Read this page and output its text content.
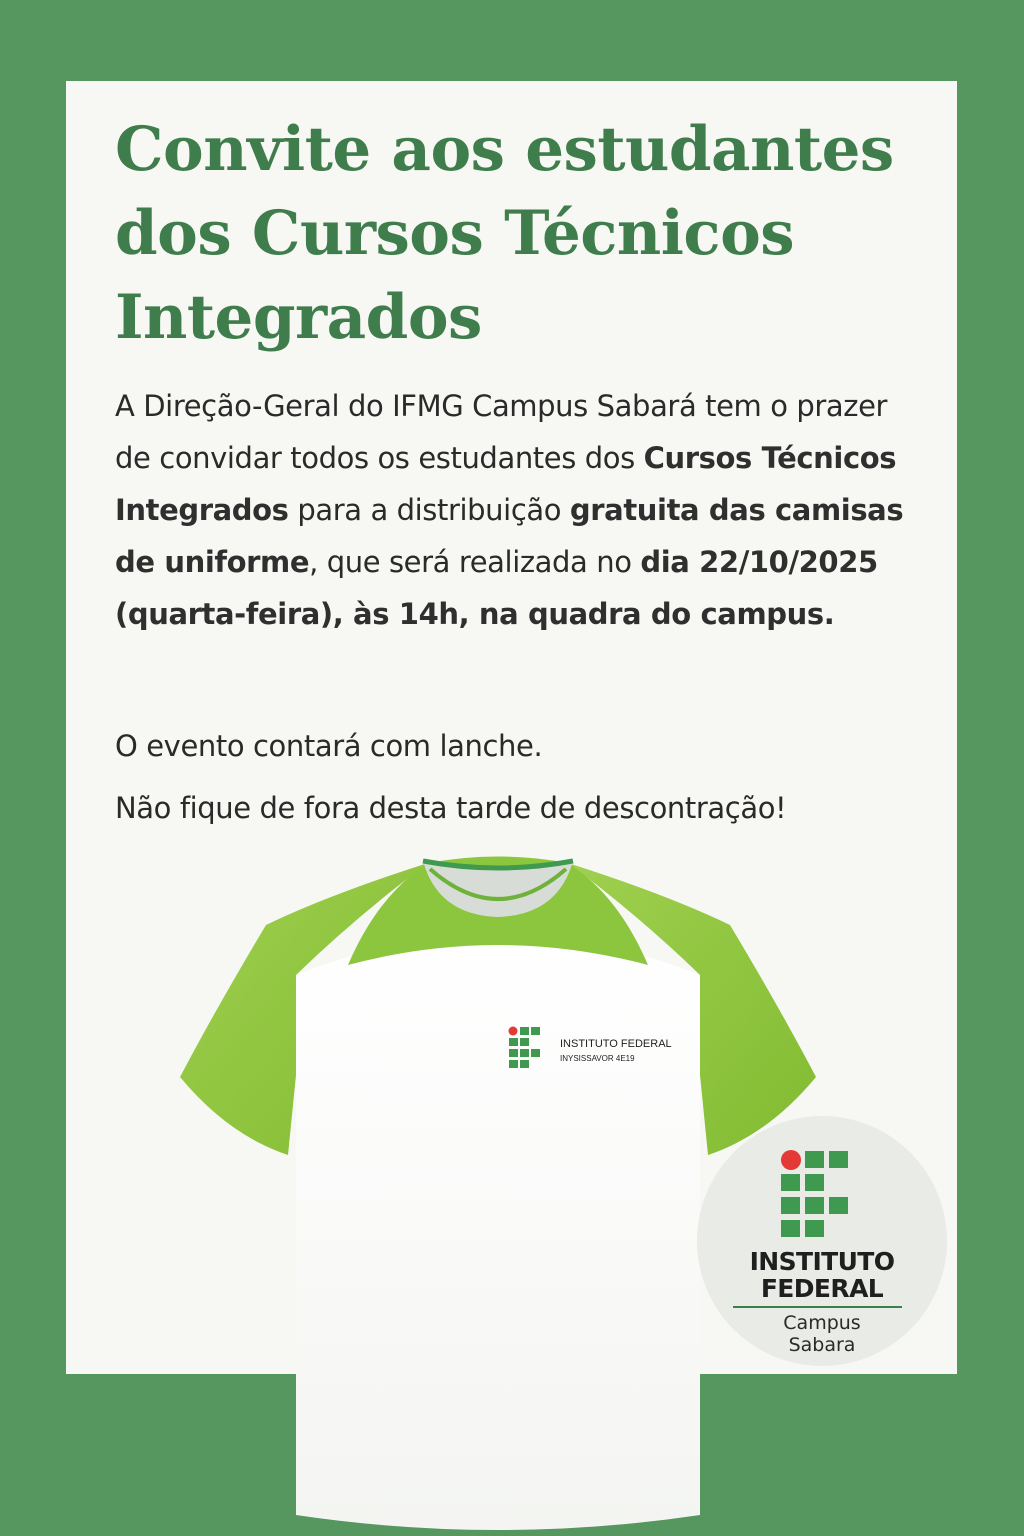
Convite aos estudantes dos Cursos Técnicos Integrados

A Direção-Geral do IFMG Campus Sabará tem o prazer de convidar todos os estudantes dos Cursos Técnicos Integrados para a distribuição gratuita das camisas de uniforme, que será realizada no dia 22/10/2025 (quarta-feira), às 14h, na quadra do campus.

O evento contará com lanche.

Não fique de fora desta tarde de descontração!

INSTITUTO FEDERAL
INYSISSAVOR 4E19
INSTITUTO
FEDERAL
Campus
Sabara
